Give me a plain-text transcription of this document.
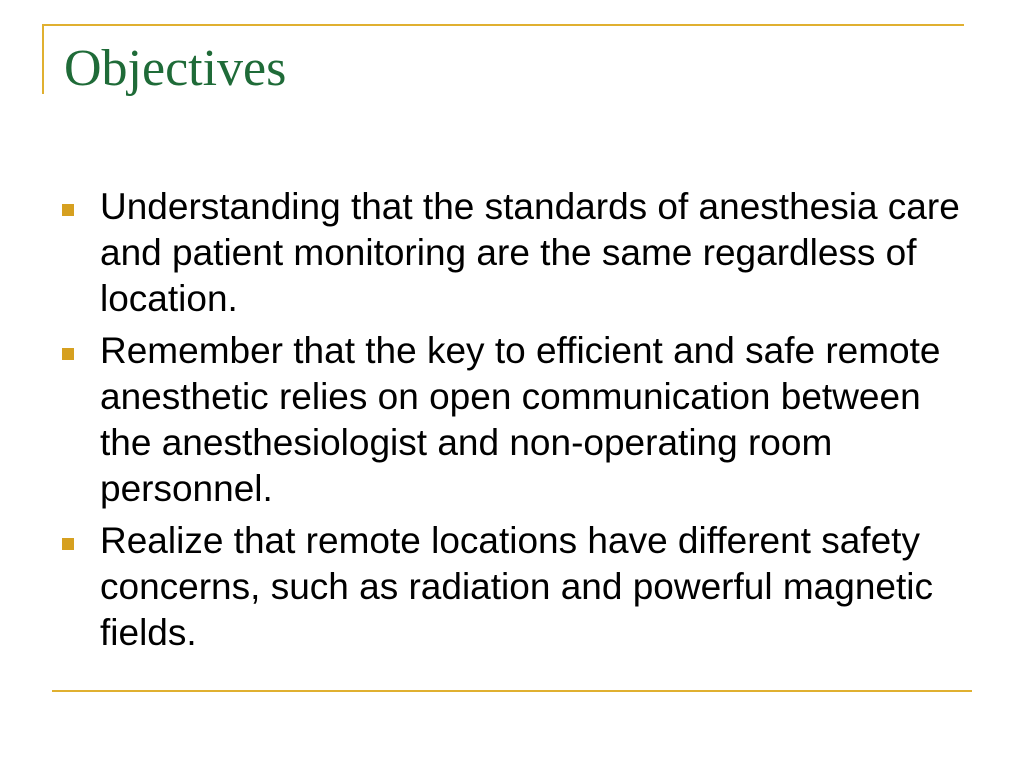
Objectives
Understanding that the standards of anesthesia care and patient monitoring are the same regardless of location.
Remember that the key to efficient and safe remote anesthetic relies on open communication between the anesthesiologist and non-operating room personnel.
Realize that remote locations have different safety concerns, such as radiation and powerful magnetic fields.
